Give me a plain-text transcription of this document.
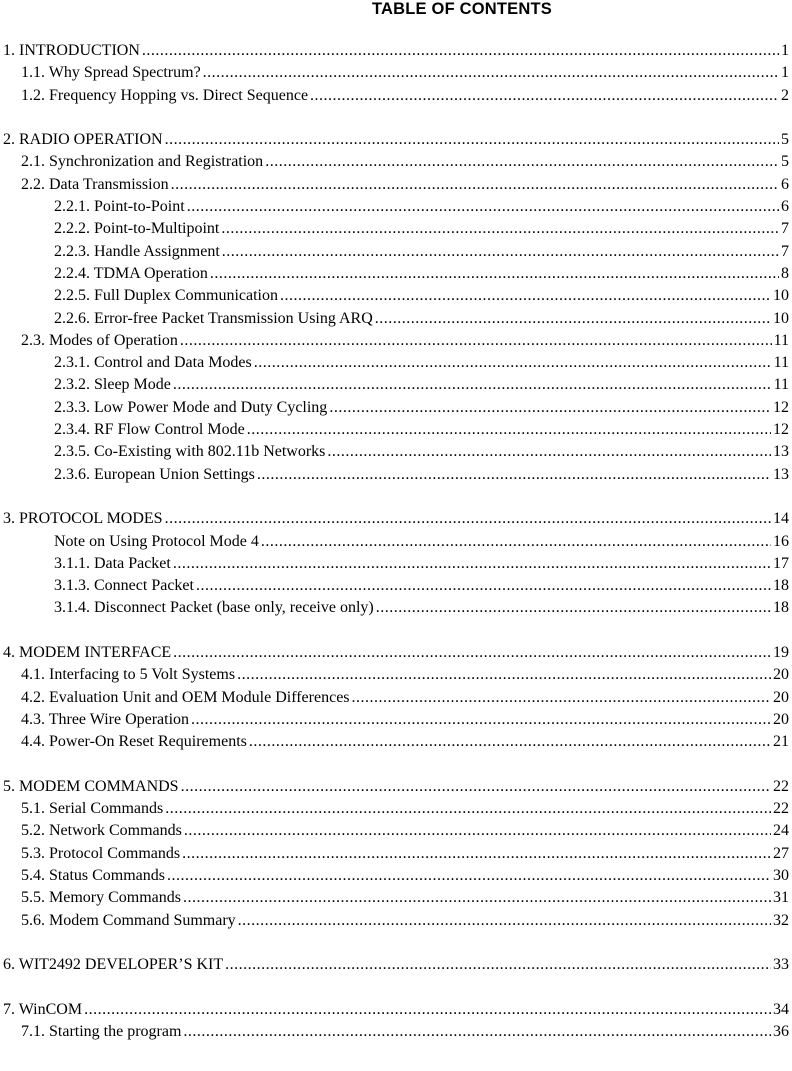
TABLE OF CONTENTS
1. INTRODUCTION .....	1
1.1. Why Spread Spectrum? .....	1
1.2. Frequency Hopping vs. Direct Sequence .....	2
2. RADIO OPERATION .....	5
2.1. Synchronization and Registration .....	5
2.2. Data Transmission .....	6
2.2.1. Point-to-Point .....	6
2.2.2. Point-to-Multipoint .....	7
2.2.3. Handle Assignment .....	7
2.2.4. TDMA Operation .....	8
2.2.5. Full Duplex Communication .....	10
2.2.6. Error-free Packet Transmission Using ARQ .....	10
2.3. Modes of Operation .....	11
2.3.1. Control and Data Modes .....	11
2.3.2. Sleep Mode .....	11
2.3.3. Low Power Mode and Duty Cycling .....	12
2.3.4. RF Flow Control Mode .....	12
2.3.5. Co-Existing with 802.11b Networks .....	13
2.3.6. European Union Settings .....	13
3. PROTOCOL MODES .....	14
Note on Using Protocol Mode 4 .....	16
3.1.1. Data Packet .....	17
3.1.3. Connect Packet .....	18
3.1.4. Disconnect Packet (base only, receive only) .....	18
4. MODEM INTERFACE .....	19
4.1. Interfacing to 5 Volt Systems .....	20
4.2. Evaluation Unit and OEM Module Differences .....	20
4.3. Three Wire Operation .....	20
4.4. Power-On Reset Requirements .....	21
5. MODEM COMMANDS .....	22
5.1. Serial Commands .....	22
5.2. Network Commands .....	24
5.3. Protocol Commands .....	27
5.4. Status Commands .....	30
5.5. Memory Commands .....	31
5.6. Modem Command Summary .....	32
6. WIT2492 DEVELOPER’S KIT .....	33
7. WinCOM .....	34
7.1. Starting the program .....	36
